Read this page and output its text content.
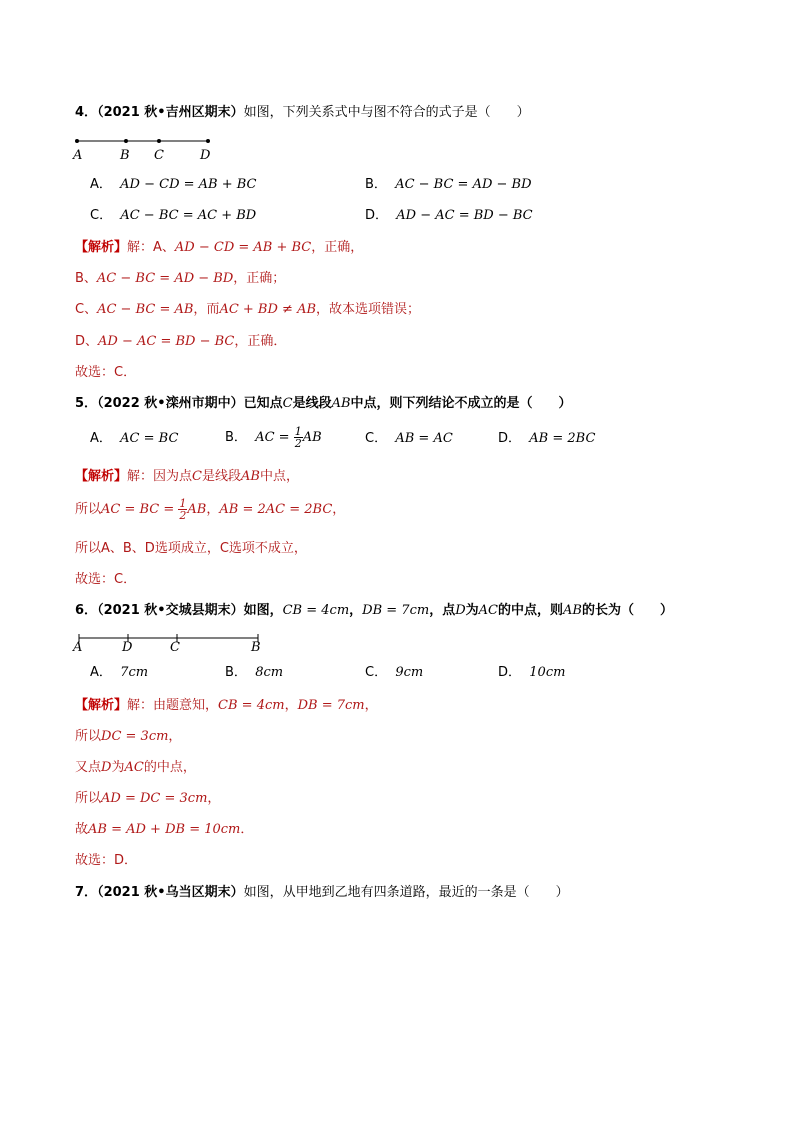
4．（2021 秋•吉州区期末）如图，下列关系式中与图不符合的式子是（　　）
A	B C	D
A	D	C	B
A． AD − CD = AB + BC	B． AC − BC = AD − BD
C． AC − BC = AC + BD	D． AD − AC = BD − BC
【解析】解：A、AD − CD = AB + BC，正确，
B、AC − BC = AD − BD，正确；
C、AC − BC = AB，而AC + BD ≠ AB，故本选项错误；
D、AD − AC = BD − BC，正确．
故选：C．
5．（2022 秋•滦州市期中）已知点C是线段AB中点，则下列结论不成立的是（　　）
A． AC = BC	B． AC = $\frac{1}{2}$ AB	C． AB = AC	D． AB = 2BC
【解析】解：因为点C是线段AB中点，
所以AC = BC = $\frac{1}{2}$ AB，AB = 2AC = 2BC，
所以A、B、D选项成立，C选项不成立，
故选：C．
6．（2021 秋•交城县期末）如图，CB = 4cm，DB = 7cm，点D为AC的中点，则AB的长为（　　）
A． 7cm	B． 8cm	C． 9cm	D． 10cm
【解析】解：由题意知，CB = 4cm，DB = 7cm，
所以DC = 3cm，
又点D为AC的中点，
所以AD = DC = 3cm，
故AB = AD + DB = 10cm．
故选：D．
7．（2021 秋•乌当区期末）如图，从甲地到乙地有四条道路，最近的一条是（　　）
